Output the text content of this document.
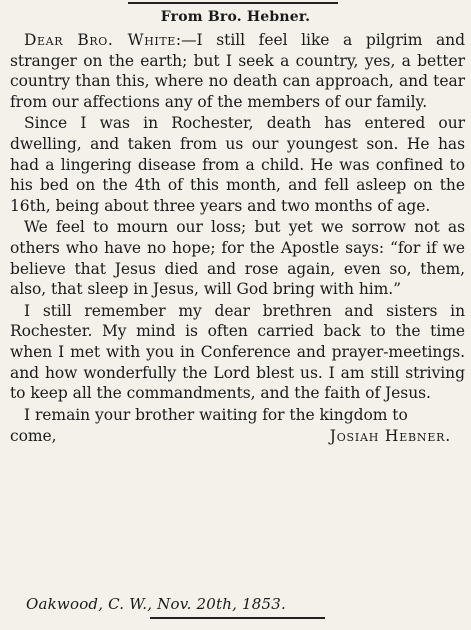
From Bro. Hebner.

Dear Bro. White:—I still feel like a pilgrim and stranger on the earth; but I seek a country, yes, a better country than this, where no death can approach, and tear from our affections any of the members of our family.

Since I was in Rochester, death has entered our dwelling, and taken from us our youngest son. He has had a lingering disease from a child. He was confined to his bed on the 4th of this month, and fell asleep on the 16th, being about three years and two months of age.

We feel to mourn our loss; but yet we sorrow not as others who have no hope; for the Apostle says: “for if we believe that Jesus died and rose again, even so, them, also, that sleep in Jesus, will God bring with him.”

I still remember my dear brethren and sisters in Rochester. My mind is often carried back to the time when I met with you in Conference and prayer-meetings. and how wonderfully the Lord blest us. I am still striving to keep all the commandments, and the faith of Jesus.

I remain your brother waiting for the kingdom to

come,	Josiah Hebner.
Oakwood, C. W., Nov. 20th, 1853.
